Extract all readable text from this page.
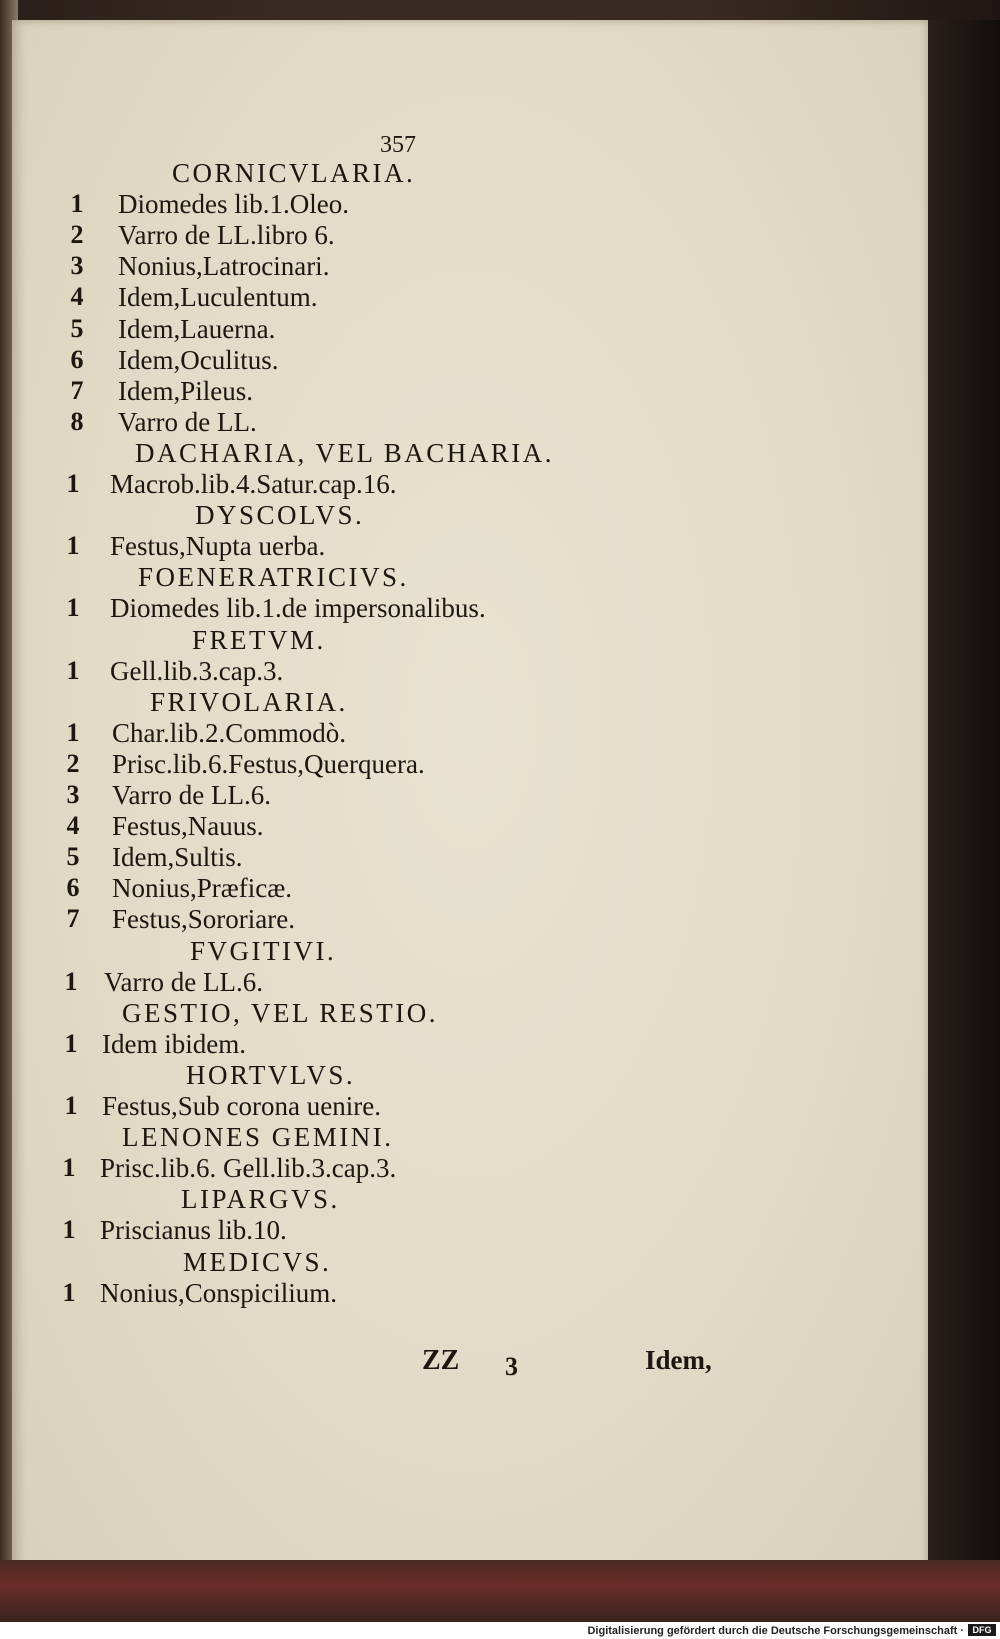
357
CORNICVLARIA.
1	Diomedes lib.1.Oleo.
2	Varro de LL.libro 6.
3	Nonius,Latrocinari.
4	Idem,Luculentum.
5	Idem,Lauerna.
6	Idem,Oculitus.
7	Idem,Pileus.
8	Varro de LL.
DACHARIA, VEL BACHARIA.
1	Macrob.lib.4.Satur.cap.16.
DYSCOLVS.
1	Festus,Nupta uerba.
FOENERATRICIVS.
1	Diomedes lib.1.de impersonalibus.
FRETVM.
1	Gell.lib.3.cap.3.
FRIVOLARIA.
1	Char.lib.2.Commodò.
2	Prisc.lib.6.Festus,Querquera.
3	Varro de LL.6.
4	Festus,Nauus.
5	Idem,Sultis.
6	Nonius,Præficæ.
7	Festus,Sororiare.
FVGITIVI.
1 Varro de LL.6.
GESTIO, VEL RESTIO.
1 Idem ibidem.
HORTVLVS.
1 Festus,Sub corona uenire.
LENONES GEMINI.
1 Prisc.lib.6. Gell.lib.3.cap.3.
LIPARGVS.
1 Priscianus lib.10.
MEDICVS.
1 Nonius,Conspicilium.
ZZ 3	Idem,
Digitalisierung gefördert durch die Deutsche Forschungsgemeinschaft · DFG
